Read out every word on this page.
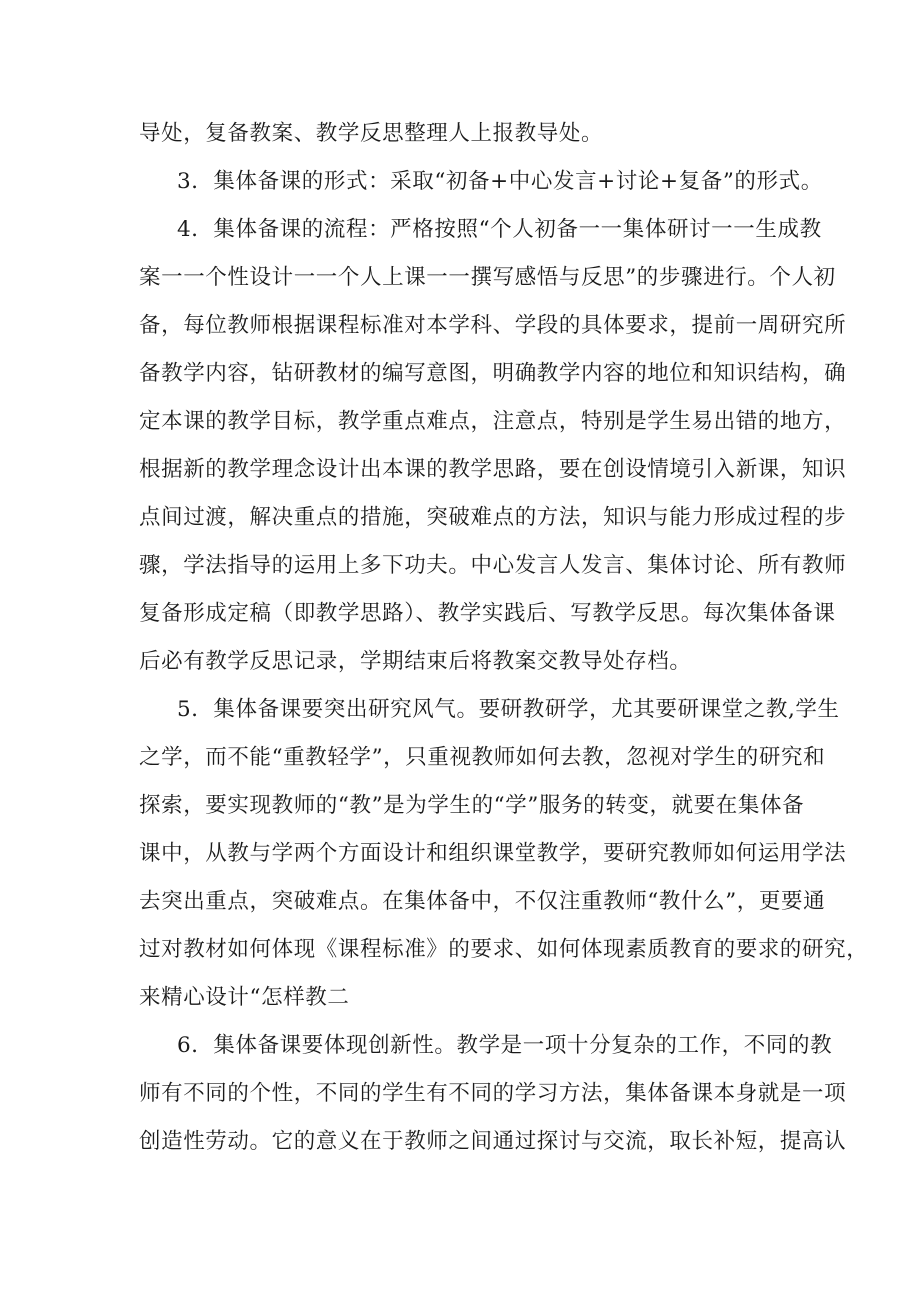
导处，复备教案、教学反思整理人上报教导处。
3．集体备课的形式：采取“初备+中心发言+讨论+复备”的形式。
4．集体备课的流程：严格按照“个人初备一一集体研讨一一生成教
案一一个性设计一一个人上课一一撰写感悟与反思”的步骤进行。个人初
备，每位教师根据课程标准对本学科、学段的具体要求，提前一周研究所
备教学内容，钻研教材的编写意图，明确教学内容的地位和知识结构，确
定本课的教学目标，教学重点难点，注意点，特别是学生易出错的地方，
根据新的教学理念设计出本课的教学思路，要在创设情境引入新课，知识
点间过渡，解决重点的措施，突破难点的方法，知识与能力形成过程的步
骤，学法指导的运用上多下功夫。中心发言人发言、集体讨论、所有教师
复备形成定稿（即教学思路）、教学实践后、写教学反思。每次集体备课
后必有教学反思记录，学期结束后将教案交教导处存档。
5．集体备课要突出研究风气。要研教研学，尤其要研课堂之教,学生
之学，而不能“重教轻学”，只重视教师如何去教，忽视对学生的研究和
探索，要实现教师的“教”是为学生的“学”服务的转变，就要在集体备
课中，从教与学两个方面设计和组织课堂教学，要研究教师如何运用学法
去突出重点，突破难点。在集体备中，不仅注重教师“教什么”，更要通
过对教材如何体现《课程标准》的要求、如何体现素质教育的要求的研究，
来精心设计“怎样教二
6．集体备课要体现创新性。教学是一项十分复杂的工作，不同的教
师有不同的个性，不同的学生有不同的学习方法，集体备课本身就是一项
创造性劳动。它的意义在于教师之间通过探讨与交流，取长补短，提高认
